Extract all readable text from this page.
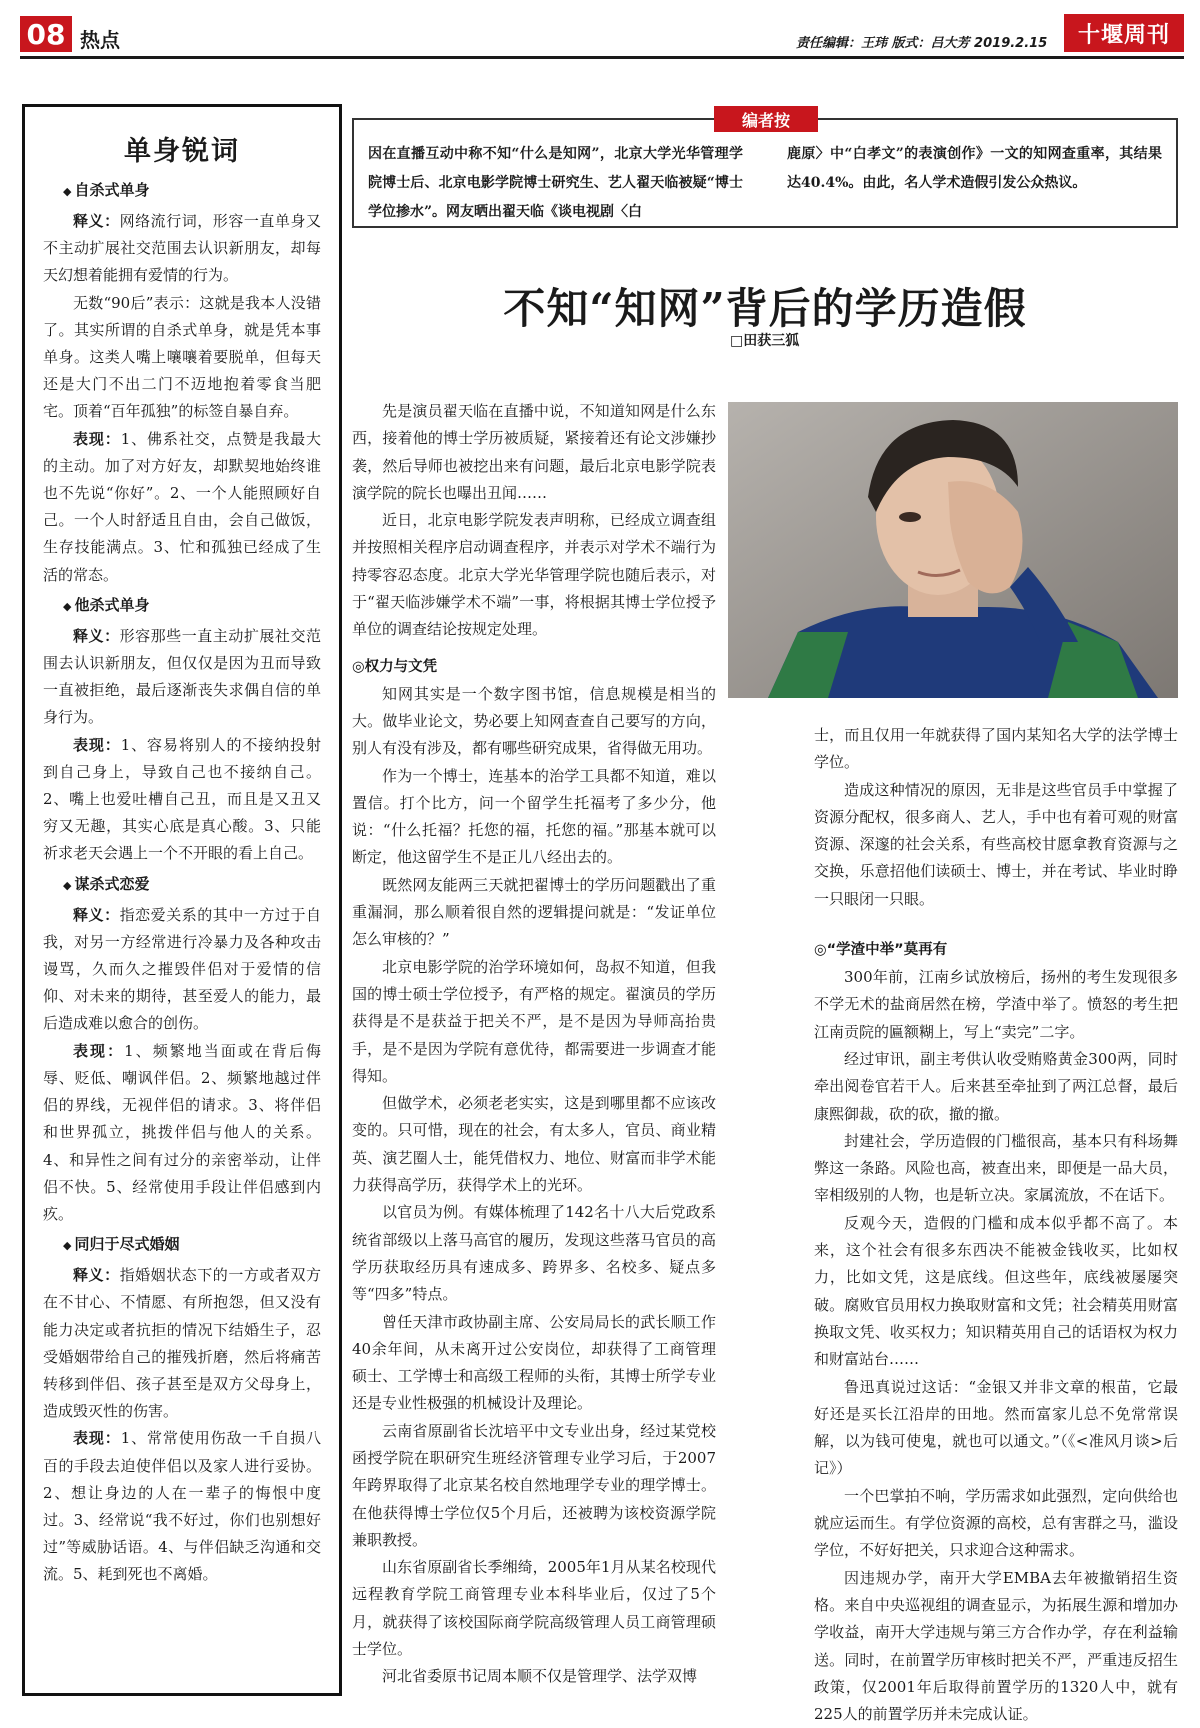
08 热点	责任编辑：王玮 版式：吕大芳 2019.2.15	十堰周刊
单身锐词
◆ 自杀式单身

释义：网络流行词，形容一直单身又不主动扩展社交范围去认识新朋友，却每天幻想着能拥有爱情的行为。

无数“90后”表示：这就是我本人没错了。其实所谓的自杀式单身，就是凭本事单身。这类人嘴上嚷嚷着要脱单，但每天还是大门不出二门不迈地抱着零食当肥宅。顶着“百年孤独”的标签自暴自弃。

表现：1、佛系社交，点赞是我最大的主动。加了对方好友，却默契地始终谁也不先说“你好”。2、一个人能照顾好自己。一个人时舒适且自由，会自己做饭，生存技能满点。3、忙和孤独已经成了生活的常态。

◆ 他杀式单身

释义：形容那些一直主动扩展社交范围去认识新朋友，但仅仅是因为丑而导致一直被拒绝，最后逐渐丧失求偶自信的单身行为。

表现：1、容易将别人的不接纳投射到自己身上，导致自己也不接纳自己。2、嘴上也爱吐槽自己丑，而且是又丑又穷又无趣，其实心底是真心酸。3、只能祈求老天会遇上一个不开眼的看上自己。

◆ 谋杀式恋爱

释义：指恋爱关系的其中一方过于自我，对另一方经常进行冷暴力及各种攻击谩骂，久而久之摧毁伴侣对于爱情的信仰、对未来的期待，甚至爱人的能力，最后造成难以愈合的创伤。

表现：1、频繁地当面或在背后侮辱、贬低、嘲讽伴侣。2、频繁地越过伴侣的界线，无视伴侣的请求。3、将伴侣和世界孤立，挑拨伴侣与他人的关系。4、和异性之间有过分的亲密举动，让伴侣不快。5、经常使用手段让伴侣感到内疚。

◆ 同归于尽式婚姻

释义：指婚姻状态下的一方或者双方在不甘心、不情愿、有所抱怨，但又没有能力决定或者抗拒的情况下结婚生子，忍受婚姻带给自己的摧残折磨，然后将痛苦转移到伴侣、孩子甚至是双方父母身上，造成毁灭性的伤害。

表现：1、常常使用伤敌一千自损八百的手段去迫使伴侣以及家人进行妥协。2、想让身边的人在一辈子的悔恨中度过。3、经常说“我不好过，你们也别想好过”等威胁话语。4、与伴侣缺乏沟通和交流。5、耗到死也不离婚。

编者按
因在直播互动中称不知“什么是知网”，北京大学光华管理学院博士后、北京电影学院博士研究生、艺人翟天临被疑“博士学位掺水”。网友晒出翟天临《谈电视剧〈白
鹿原〉中“白孝文”的表演创作》一文的知网查重率，其结果达40.4%。由此，名人学术造假引发公众热议。
不知“知网”背后的学历造假
□田获三狐

先是演员翟天临在直播中说，不知道知网是什么东西，接着他的博士学历被质疑，紧接着还有论文涉嫌抄袭，然后导师也被挖出来有问题，最后北京电影学院表演学院的院长也曝出丑闻……

近日，北京电影学院发表声明称，已经成立调查组并按照相关程序启动调查程序，并表示对学术不端行为持零容忍态度。北京大学光华管理学院也随后表示，对于“翟天临涉嫌学术不端”一事，将根据其博士学位授予单位的调查结论按规定处理。

◎权力与文凭

知网其实是一个数字图书馆，信息规模是相当的大。做毕业论文，势必要上知网查查自己要写的方向，别人有没有涉及，都有哪些研究成果，省得做无用功。

作为一个博士，连基本的治学工具都不知道，难以置信。打个比方，问一个留学生托福考了多少分，他说：“什么托福？托您的福，托您的福。”那基本就可以断定，他这留学生不是正儿八经出去的。

既然网友能两三天就把翟博士的学历问题戳出了重重漏洞，那么顺着很自然的逻辑提问就是：“发证单位怎么审核的？”

北京电影学院的治学环境如何，岛叔不知道，但我国的博士硕士学位授予，有严格的规定。翟演员的学历获得是不是获益于把关不严，是不是因为导师高抬贵手，是不是因为学院有意优待，都需要进一步调查才能得知。

但做学术，必须老老实实，这是到哪里都不应该改变的。只可惜，现在的社会，有太多人，官员、商业精英、演艺圈人士，能凭借权力、地位、财富而非学术能力获得高学历，获得学术上的光环。

以官员为例。有媒体梳理了142名十八大后党政系统省部级以上落马高官的履历，发现这些落马官员的高学历获取经历具有速成多、跨界多、名校多、疑点多等“四多”特点。

曾任天津市政协副主席、公安局局长的武长顺工作40余年间，从未离开过公安岗位，却获得了工商管理硕士、工学博士和高级工程师的头衔，其博士所学专业还是专业性极强的机械设计及理论。

云南省原副省长沈培平中文专业出身，经过某党校函授学院在职研究生班经济管理专业学习后，于2007年跨界取得了北京某名校自然地理学专业的理学博士。在他获得博士学位仅5个月后，还被聘为该校资源学院兼职教授。

山东省原副省长季缃绮，2005年1月从某名校现代远程教育学院工商管理专业本科毕业后，仅过了5个月，就获得了该校国际商学院高级管理人员工商管理硕士学位。

河北省委原书记周本顺不仅是管理学、法学双博

士，而且仅用一年就获得了国内某知名大学的法学博士学位。

造成这种情况的原因，无非是这些官员手中掌握了资源分配权，很多商人、艺人，手中也有着可观的财富资源、深邃的社会关系，有些高校甘愿拿教育资源与之交换，乐意招他们读硕士、博士，并在考试、毕业时睁一只眼闭一只眼。

◎“学渣中举”莫再有

300年前，江南乡试放榜后，扬州的考生发现很多不学无术的盐商居然在榜，学渣中举了。愤怒的考生把江南贡院的匾额糊上，写上“卖完”二字。

经过审讯，副主考供认收受贿赂黄金300两，同时牵出阅卷官若干人。后来甚至牵扯到了两江总督，最后康熙御裁，砍的砍，撤的撤。

封建社会，学历造假的门槛很高，基本只有科场舞弊这一条路。风险也高，被查出来，即便是一品大员，宰相级别的人物，也是斩立决。家属流放，不在话下。

反观今天，造假的门槛和成本似乎都不高了。本来，这个社会有很多东西决不能被金钱收买，比如权力，比如文凭，这是底线。但这些年，底线被屡屡突破。腐败官员用权力换取财富和文凭；社会精英用财富换取文凭、收买权力；知识精英用自己的话语权为权力和财富站台……

鲁迅真说过这话：“金银又并非文章的根苗，它最好还是买长江沿岸的田地。然而富家儿总不免常常误解，以为钱可使鬼，就也可以通文。”（《<准风月谈>后记》）

一个巴掌拍不响，学历需求如此强烈，定向供给也就应运而生。有学位资源的高校，总有害群之马，滥设学位，不好好把关，只求迎合这种需求。

因违规办学，南开大学EMBA去年被撤销招生资格。来自中央巡视组的调查显示，为拓展生源和增加办学收益，南开大学违规与第三方合作办学，存在利益输送。同时，在前置学历审核时把关不严，严重违反招生政策，仅2001年后取得前置学历的1320人中，就有225人的前置学历并未完成认证。
